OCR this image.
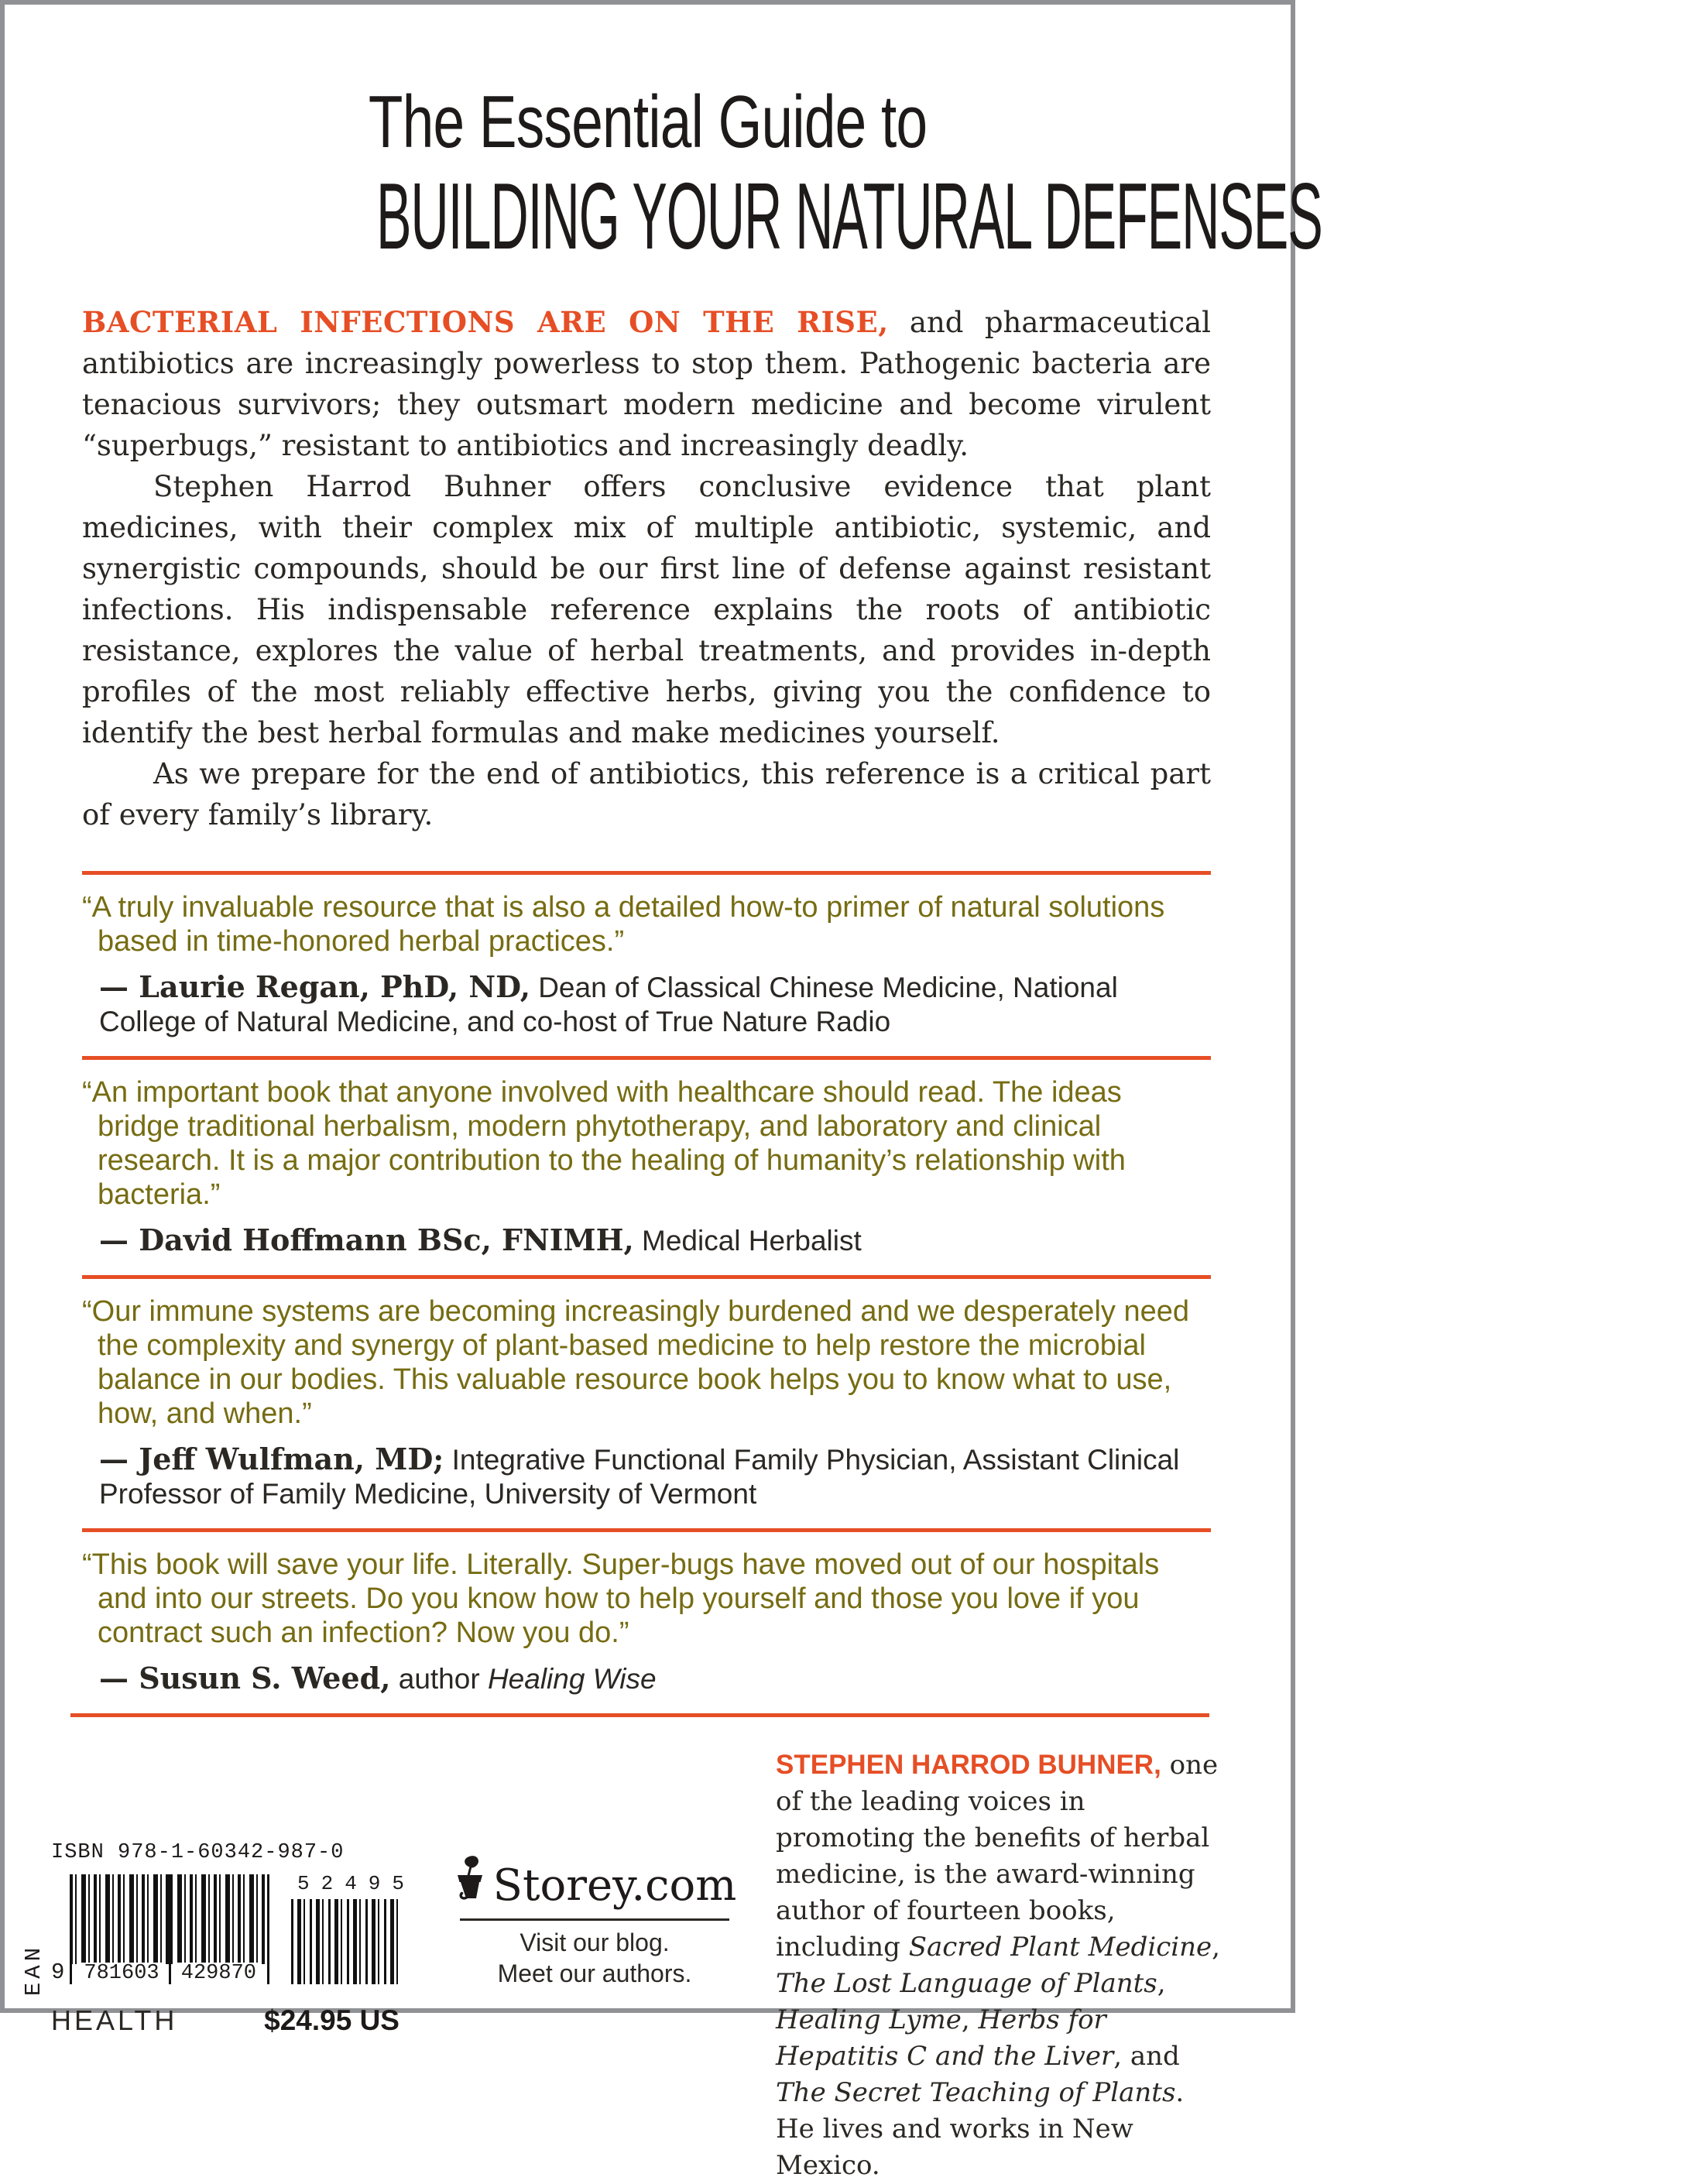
The Essential Guide to
BUILDING YOUR NATURAL DEFENSES

BACTERIAL INFECTIONS ARE ON THE RISE, and pharmaceutical antibiotics are increasingly powerless to stop them. Pathogenic bacteria are tenacious survivors; they outsmart modern medicine and become virulent “superbugs,” resistant to antibiotics and increasingly deadly.

Stephen Harrod Buhner offers conclusive evidence that plant medicines, with their complex mix of multiple antibiotic, systemic, and synergistic compounds, should be our first line of defense against resistant infections. His indispensable reference explains the roots of antibiotic resistance, explores the value of herbal treatments, and provides in-depth profiles of the most reliably effective herbs, giving you the confidence to identify the best herbal formulas and make medicines yourself.

As we prepare for the end of antibiotics, this reference is a critical part of every family’s library.

“A truly invaluable resource that is also a detailed how-to primer of natural solutions based in time-honored herbal practices.”

— Laurie Regan, PhD, ND, Dean of Classical Chinese Medicine, National College of Natural Medicine, and co-host of True Nature Radio

“An important book that anyone involved with healthcare should read. The ideas bridge traditional herbalism, modern phytotherapy, and laboratory and clinical research. It is a major contribution to the healing of humanity’s relationship with bacteria.”

— David Hoffmann BSc, FNIMH, Medical Herbalist

“Our immune systems are becoming increasingly burdened and we desperately need the complexity and synergy of plant-based medicine to help restore the microbial balance in our bodies. This valuable resource book helps you to know what to use, how, and when.”

— Jeff Wulfman, MD; Integrative Functional Family Physician, Assistant Clinical Professor of Family Medicine, University of Vermont

“This book will save your life. Literally. Super-bugs have moved out of our hospitals and into our streets. Do you know how to help yourself and those you love if you contract such an infection? Now you do.”

— Susun S. Weed, author Healing Wise
ISBN 978-1-60342-987-0
EAN 9 781603 429870
52495
HEALTH	$24.95 US
Storey.com
Visit our blog.
Meet our authors.
STEPHEN HARROD BUHNER, one of the leading voices in promoting the benefits of herbal medicine, is the award-winning author of fourteen books, including Sacred Plant Medicine, The Lost Language of Plants, Healing Lyme, Herbs for Hepatitis C and the Liver, and The Secret Teaching of Plants. He lives and works in New Mexico.
